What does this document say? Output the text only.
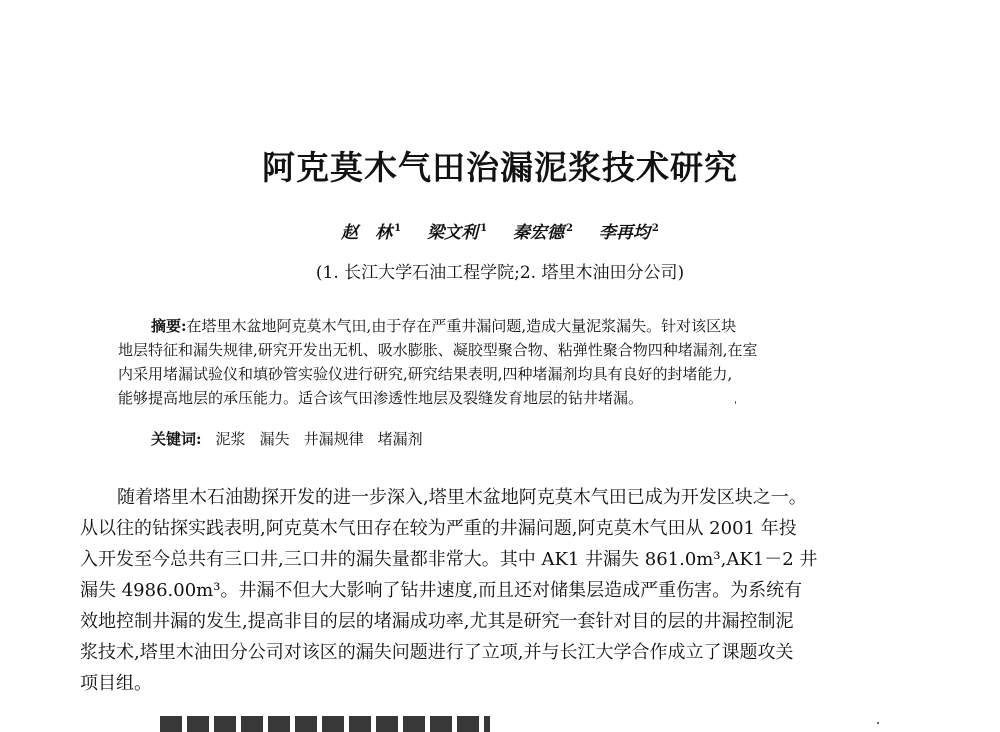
阿克莫木气田治漏泥浆技术研究
赵　林 $^1$ 梁文利 $^1$ 秦宏德 $^2$ 李再均 $^2$
(1. 长江大学石油工程学院;2. 塔里木油田分公司)
摘要:在塔里木盆地阿克莫木气田,由于存在严重井漏问题,造成大量泥浆漏失。针对该区块
地层特征和漏失规律,研究开发出无机、吸水膨胀、凝胶型聚合物、粘弹性聚合物四种堵漏剂,在室
内采用堵漏试验仪和填砂管实验仪进行研究,研究结果表明,四种堵漏剂均具有良好的封堵能力,
能够提高地层的承压能力。适合该气田渗透性地层及裂缝发育地层的钻井堵漏。
关键词: 泥浆 漏失 井漏规律 堵漏剂
随着塔里木石油勘探开发的进一步深入,塔里木盆地阿克莫木气田已成为开发区块之一。
从以往的钻探实践表明,阿克莫木气田存在较为严重的井漏问题,阿克莫木气田从 2001 年投
入开发至今总共有三口井,三口井的漏失量都非常大。其中 AK1 井漏失 861.0m³,AK1－2 井
漏失 4986.00m³。井漏不但大大影响了钻井速度,而且还对储集层造成严重伤害。为系统有
效地控制井漏的发生,提高非目的层的堵漏成功率,尤其是研究一套针对目的层的井漏控制泥
浆技术,塔里木油田分公司对该区的漏失问题进行了立项,并与长江大学合作成立了课题攻关
项目组。
